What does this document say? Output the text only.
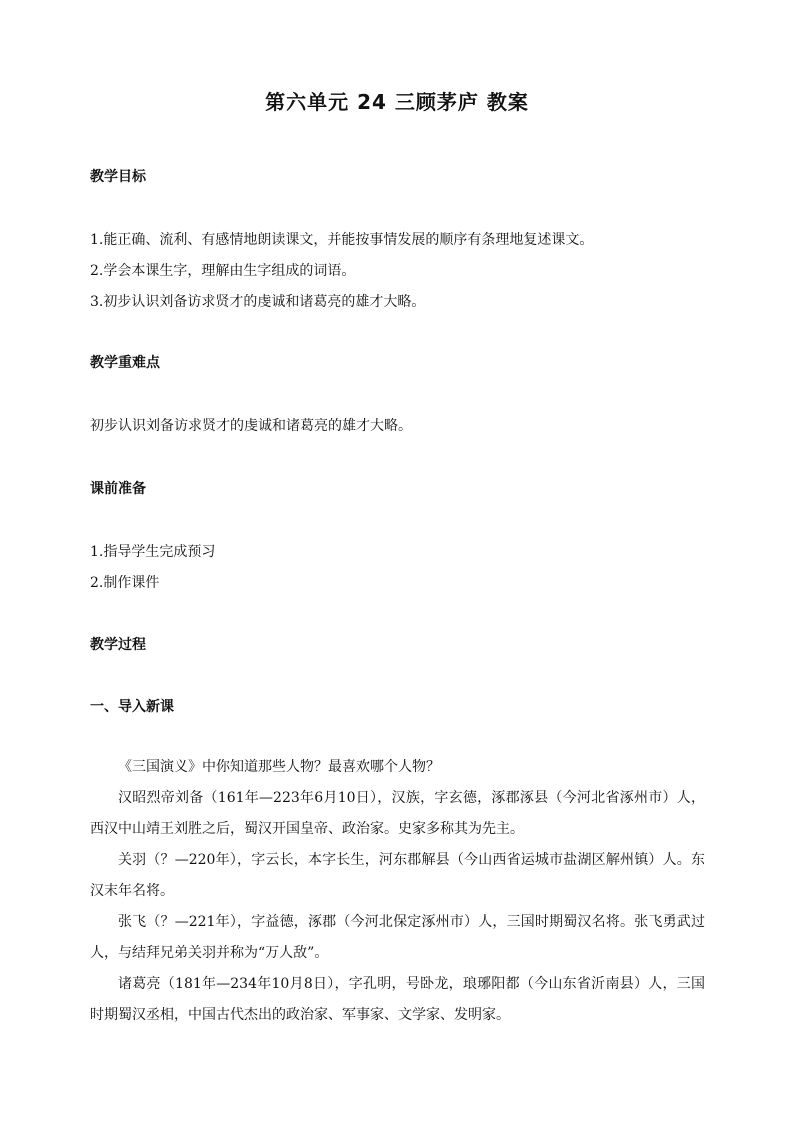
第六单元 24 三顾茅庐 教案
教学目标
1.能正确、流利、有感情地朗读课文，并能按事情发展的顺序有条理地复述课文。
2.学会本课生字，理解由生字组成的词语。
3.初步认识刘备访求贤才的虔诚和诸葛亮的雄才大略。
教学重难点
初步认识刘备访求贤才的虔诚和诸葛亮的雄才大略。
课前准备
1.指导学生完成预习
2.制作课件
教学过程
一、导入新课
《三国演义》中你知道那些人物？最喜欢哪个人物？
汉昭烈帝刘备（161年—223年6月10日），汉族，字玄德，涿郡涿县（今河北省涿州市）人，西汉中山靖王刘胜之后，蜀汉开国皇帝、政治家。史家多称其为先主。
关羽（？—220年），字云长，本字长生，河东郡解县（今山西省运城市盐湖区解州镇）人。东汉末年名将。
张飞（？—221年），字益德，涿郡（今河北保定涿州市）人，三国时期蜀汉名将。张飞勇武过人，与结拜兄弟关羽并称为“万人敌”。
诸葛亮（181年—234年10月8日），字孔明，号卧龙，琅琊阳都（今山东省沂南县）人，三国时期蜀汉丞相，中国古代杰出的政治家、军事家、文学家、发明家。
